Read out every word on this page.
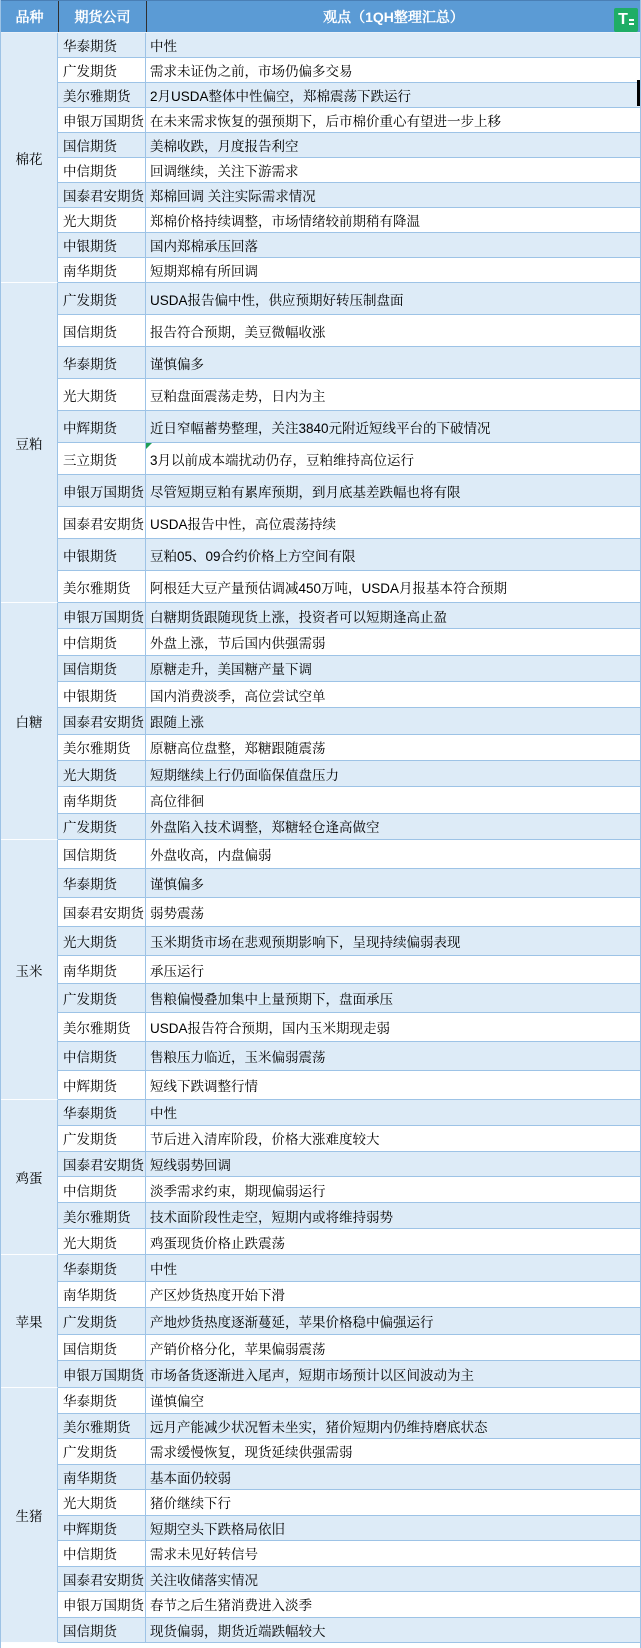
品种	期货公司	观点（1QH整理汇总）
棉花
华泰期货	中性
广发期货	需求未证伪之前，市场仍偏多交易
美尔雅期货	2月USDA整体中性偏空，郑棉震荡下跌运行
申银万国期货 在未来需求恢复的强预期下，后市棉价重心有望进一步上移
国信期货	美棉收跌，月度报告利空
中信期货	回调继续，关注下游需求
国泰君安期货 郑棉回调 关注实际需求情况
光大期货	郑棉价格持续调整，市场情绪较前期稍有降温
中银期货	国内郑棉承压回落
南华期货	短期郑棉有所回调
豆粕
广发期货	USDA报告偏中性，供应预期好转压制盘面
国信期货	报告符合预期，美豆微幅收涨
华泰期货	谨慎偏多
光大期货	豆粕盘面震荡走势，日内为主
中辉期货	近日窄幅蓄势整理，关注3840元附近短线平台的下破情况
三立期货	3月以前成本端扰动仍存，豆粕维持高位运行
申银万国期货 尽管短期豆粕有累库预期，到月底基差跌幅也将有限
国泰君安期货 USDA报告中性，高位震荡持续
中银期货	豆粕05、09合约价格上方空间有限
美尔雅期货	阿根廷大豆产量预估调减450万吨，USDA月报基本符合预期
白糖
申银万国期货 白糖期货跟随现货上涨，投资者可以短期逢高止盈
中信期货	外盘上涨，节后国内供强需弱
国信期货	原糖走升，美国糖产量下调
中银期货	国内消费淡季，高位尝试空单
国泰君安期货 跟随上涨
美尔雅期货	原糖高位盘整，郑糖跟随震荡
光大期货	短期继续上行仍面临保值盘压力
南华期货	高位徘徊
广发期货	外盘陷入技术调整，郑糖轻仓逢高做空
玉米
国信期货	外盘收高，内盘偏弱
华泰期货	谨慎偏多
国泰君安期货 弱势震荡
光大期货	玉米期货市场在悲观预期影响下，呈现持续偏弱表现
南华期货	承压运行
广发期货	售粮偏慢叠加集中上量预期下，盘面承压
美尔雅期货	USDA报告符合预期，国内玉米期现走弱
中信期货	售粮压力临近，玉米偏弱震荡
中辉期货	短线下跌调整行情
鸡蛋
华泰期货	中性
广发期货	节后进入清库阶段，价格大涨难度较大
国泰君安期货 短线弱势回调
中信期货	淡季需求约束，期现偏弱运行
美尔雅期货	技术面阶段性走空，短期内或将维持弱势
光大期货	鸡蛋现货价格止跌震荡
苹果
华泰期货	中性
南华期货	产区炒货热度开始下滑
广发期货	产地炒货热度逐渐蔓延，苹果价格稳中偏强运行
国信期货	产销价格分化，苹果偏弱震荡
申银万国期货 市场备货逐渐进入尾声，短期市场预计以区间波动为主
生猪
华泰期货	谨慎偏空
美尔雅期货	远月产能减少状况暂未坐实，猪价短期内仍维持磨底状态
广发期货	需求缓慢恢复，现货延续供强需弱
南华期货	基本面仍较弱
光大期货	猪价继续下行
中辉期货	短期空头下跌格局依旧
中信期货	需求未见好转信号
国泰君安期货 关注收储落实情况
申银万国期货 春节之后生猪消费进入淡季
国信期货	现货偏弱，期货近端跌幅较大
T
